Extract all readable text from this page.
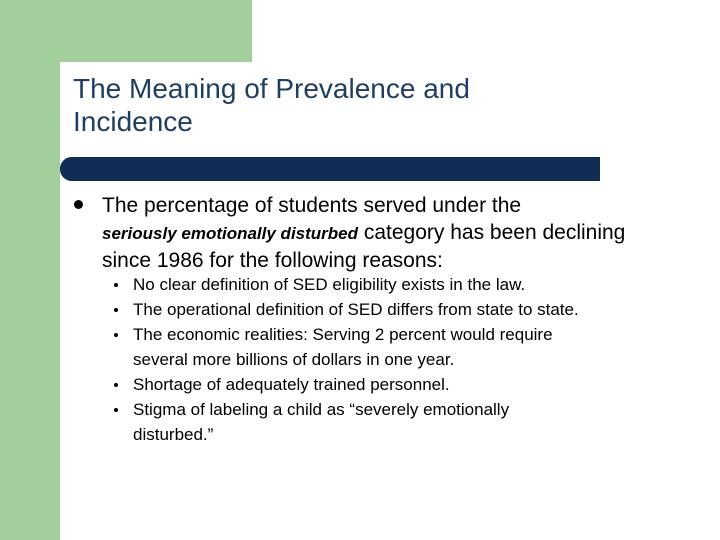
The Meaning of Prevalence and
Incidence
The percentage of students served under the
seriously emotionally disturbed category has been declining since 1986 for the following reasons:
No clear definition of SED eligibility exists in the law.
The operational definition of SED differs from state to state.
The economic realities: Serving 2 percent would require
several more billions of dollars in one year.
Shortage of adequately trained personnel.
Stigma of labeling a child as “severely emotionally
disturbed.”
